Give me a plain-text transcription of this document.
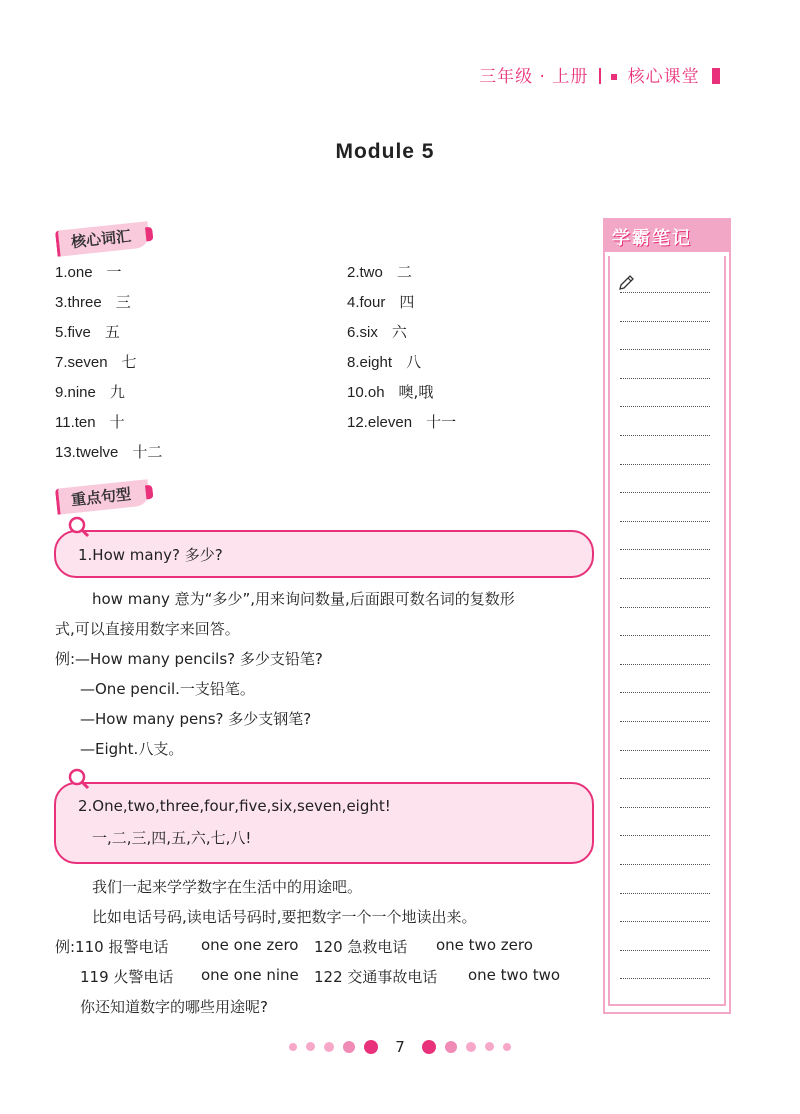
三年级 · 上册 核心课堂
Module 5
核心词汇
1.one 一	2.two 二
3.three 三	4.four 四
5.five 五	6.six 六
7.seven 七	8.eight 八
9.nine 九	10.oh 噢,哦
11.ten 十	12.eleven 十一
13.twelve 十二
重点句型
1.How many? 多少?
how many 意为“多少”,用来询问数量,后面跟可数名词的复数形
式,可以直接用数字来回答。
例:—How many pencils? 多少支铅笔?
—One pencil.一支铅笔。
—How many pens? 多少支钢笔?
—Eight.八支。
2.One,two,three,four,five,six,seven,eight!
一,二,三,四,五,六,七,八!
我们一起来学学数字在生活中的用途吧。
比如电话号码,读电话号码时,要把数字一个一个地读出来。
例:110 报警电话 one one zero 120 急救电话 one two zero
119 火警电话 one one nine 122 交通事故电话 one two two
你还知道数字的哪些用途呢?
学霸笔记
7
